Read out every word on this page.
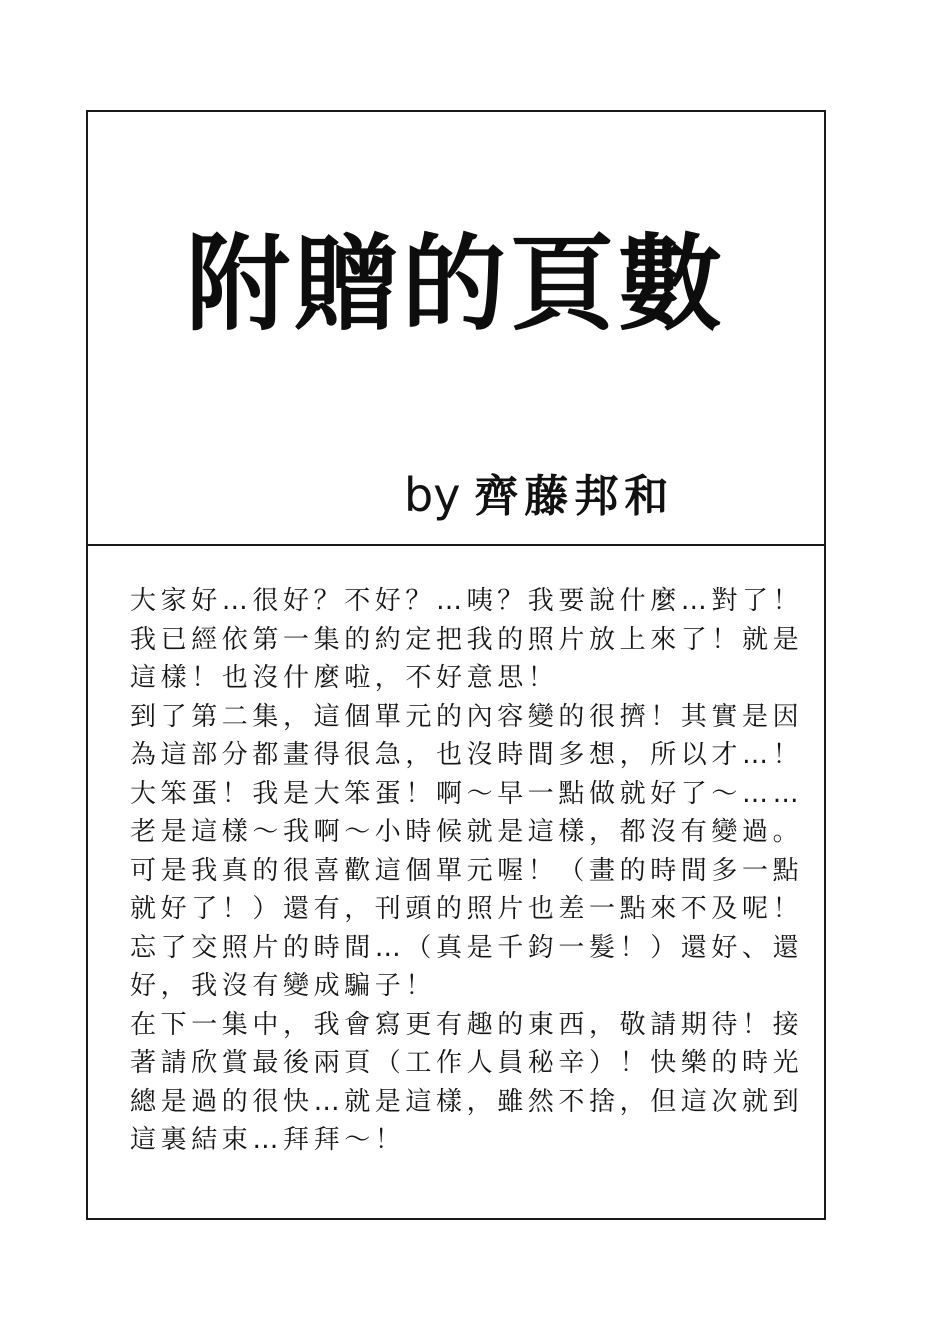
附贈的頁數
by 齊藤邦和
大家好…很好？不好？…咦？我要說什麼…對了！
我已經依第一集的約定把我的照片放上來了！就是
這樣！也沒什麼啦，不好意思！
到了第二集，這個單元的內容變的很擠！其實是因
為這部分都畫得很急，也沒時間多想，所以才…！
大笨蛋！我是大笨蛋！啊～早一點做就好了～……
老是這樣～我啊～小時候就是這樣，都沒有變過。
可是我真的很喜歡這個單元喔！（畫的時間多一點
就好了！）還有，刊頭的照片也差一點來不及呢！
忘了交照片的時間…（真是千鈞一髮！）還好、還
好，我沒有變成騙子！
在下一集中，我會寫更有趣的東西，敬請期待！接
著請欣賞最後兩頁（工作人員秘辛）！快樂的時光
總是過的很快…就是這樣，雖然不捨，但這次就到
這裏結束…拜拜～！
